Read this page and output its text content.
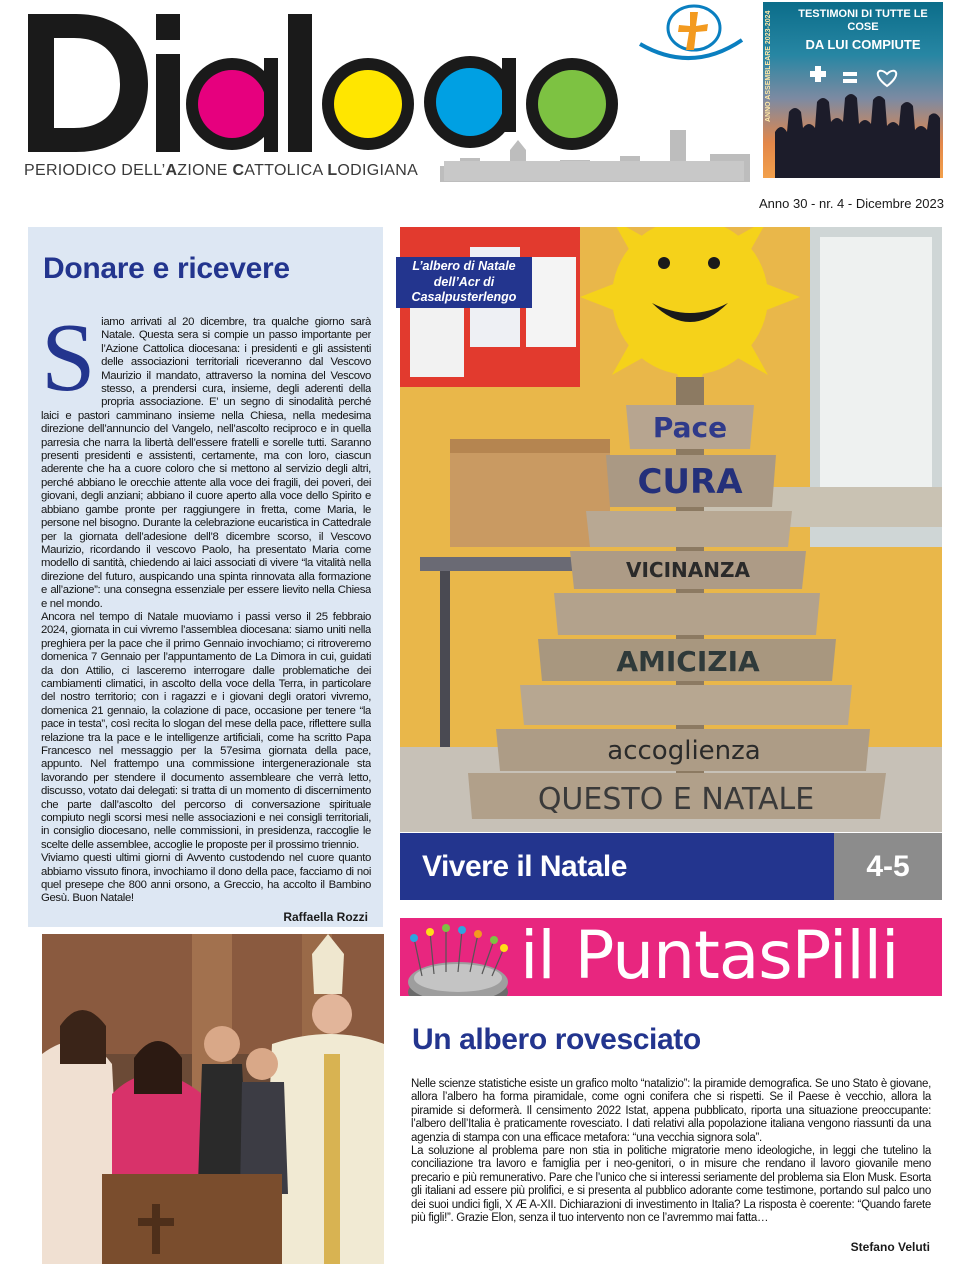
PERIODICO DELL’AZIONE CATTOLICA LODIGIANA
TESTIMONI DI TUTTE LE COSE
DA LUI COMPIUTE
ANNO ASSEMBLEARE 2023-2024
Anno 30 - nr. 4 - Dicembre 2023
Donare e ricevere

Siamo arrivati al 20 dicembre, tra qualche giorno sarà Natale. Questa sera si compie un passo importante per l’Azione Cattolica diocesana: i presidenti e gli assistenti delle associazioni territoriali riceveranno dal Vescovo Maurizio il mandato, attraverso la nomina del Vescovo stesso, a prendersi cura, insieme, degli aderenti della propria associazione. E’ un segno di sinodalità perché laici e pastori camminano insieme nella Chiesa, nella medesima direzione dell’annuncio del Vangelo, nell’ascolto reciproco e in quella parresia che narra la libertà dell’essere fratelli e sorelle tutti. Saranno presenti presidenti e assistenti, certamente, ma con loro, ciascun aderente che ha a cuore coloro che si mettono al servizio degli altri, perché abbiano le orecchie attente alla voce dei fragili, dei poveri, dei giovani, degli anziani; abbiano il cuore aperto alla voce dello Spirito e abbiano gambe pronte per raggiungere in fretta, come Maria, le persone nel bisogno. Durante la celebrazione eucaristica in Cattedrale per la giornata dell’adesione dell’8 dicembre scorso, il Vescovo Maurizio, ricordando il vescovo Paolo, ha presentato Maria come modello di santità, chiedendo ai laici associati di vivere “la vitalità nella direzione del futuro, auspicando una spinta rinnovata alla formazione e all’azione”: una consegna essenziale per essere lievito nella Chiesa e nel mondo.

Ancora nel tempo di Natale muoviamo i passi verso il 25 febbraio 2024, giornata in cui vivremo l’assemblea diocesana: siamo uniti nella preghiera per la pace che il primo Gennaio invochiamo; ci ritroveremo domenica 7 Gennaio per l’appuntamento de La Dimora in cui, guidati da don Attilio, ci lasceremo interrogare dalle problematiche dei cambiamenti climatici, in ascolto della voce della Terra, in particolare del nostro territorio; con i ragazzi e i giovani degli oratori vivremo, domenica 21 gennaio, la colazione di pace, occasione per tenere “la pace in testa”, così recita lo slogan del mese della pace, riflettere sulla relazione tra la pace e le intelligenze artificiali, come ha scritto Papa Francesco nel messaggio per la 57esima giornata della pace, appunto. Nel frattempo una commissione intergenerazionale sta lavorando per stendere il documento assembleare che verrà letto, discusso, votato dai delegati: si tratta di un momento di discernimento che parte dall’ascolto del percorso di conversazione spirituale compiuto negli scorsi mesi nelle associazioni e nei consigli territoriali, in consiglio diocesano, nelle commissioni, in presidenza, raccoglie le scelte delle assemblee, accoglie le proposte per il prossimo triennio.

Viviamo questi ultimi giorni di Avvento custodendo nel cuore quanto abbiamo vissuto finora, invochiamo il dono della pace, facciamo di noi quel presepe che 800 anni orsono, a Greccio, ha accolto il Bambino Gesù. Buon Natale!

Raffaella Rozzi
Pace
CURA
VICINANZA
AMICIZIA
accoglienza
QUESTO E NATALE
L’albero di Natale
dell’Acr di
Casalpusterlengo
Vivere il Natale	4-5
il PuntasPilli
Un albero rovesciato

Nelle scienze statistiche esiste un grafico molto “natalizio”: la piramide demografica. Se uno Stato è giovane, allora l’albero ha forma piramidale, come ogni conifera che si rispetti. Se il Paese è vecchio, allora la piramide si deformerà. Il censimento 2022 Istat, appena pubblicato, riporta una situazione preoccupante: l’albero dell’Italia è praticamente rovesciato. I dati relativi alla popolazione italiana vengono riassunti da una agenzia di stampa con una efficace metafora: “una vecchia signora sola”.

La soluzione al problema pare non stia in politiche migratorie meno ideologiche, in leggi che tutelino la conciliazione tra lavoro e famiglia per i neo-genitori, o in misure che rendano il lavoro giovanile meno precario e più remunerativo. Pare che l’unico che si interessi seriamente del problema sia Elon Musk. Esorta gli italiani ad essere più prolifici, e si presenta al pubblico adorante come testimone, portando sul palco uno dei suoi undici figli, X Æ A-XII. Dichiarazioni di investimento in Italia? La risposta è coerente: “Quando farete più figli!”. Grazie Elon, senza il tuo intervento non ce l’avremmo mai fatta…

Stefano Veluti
